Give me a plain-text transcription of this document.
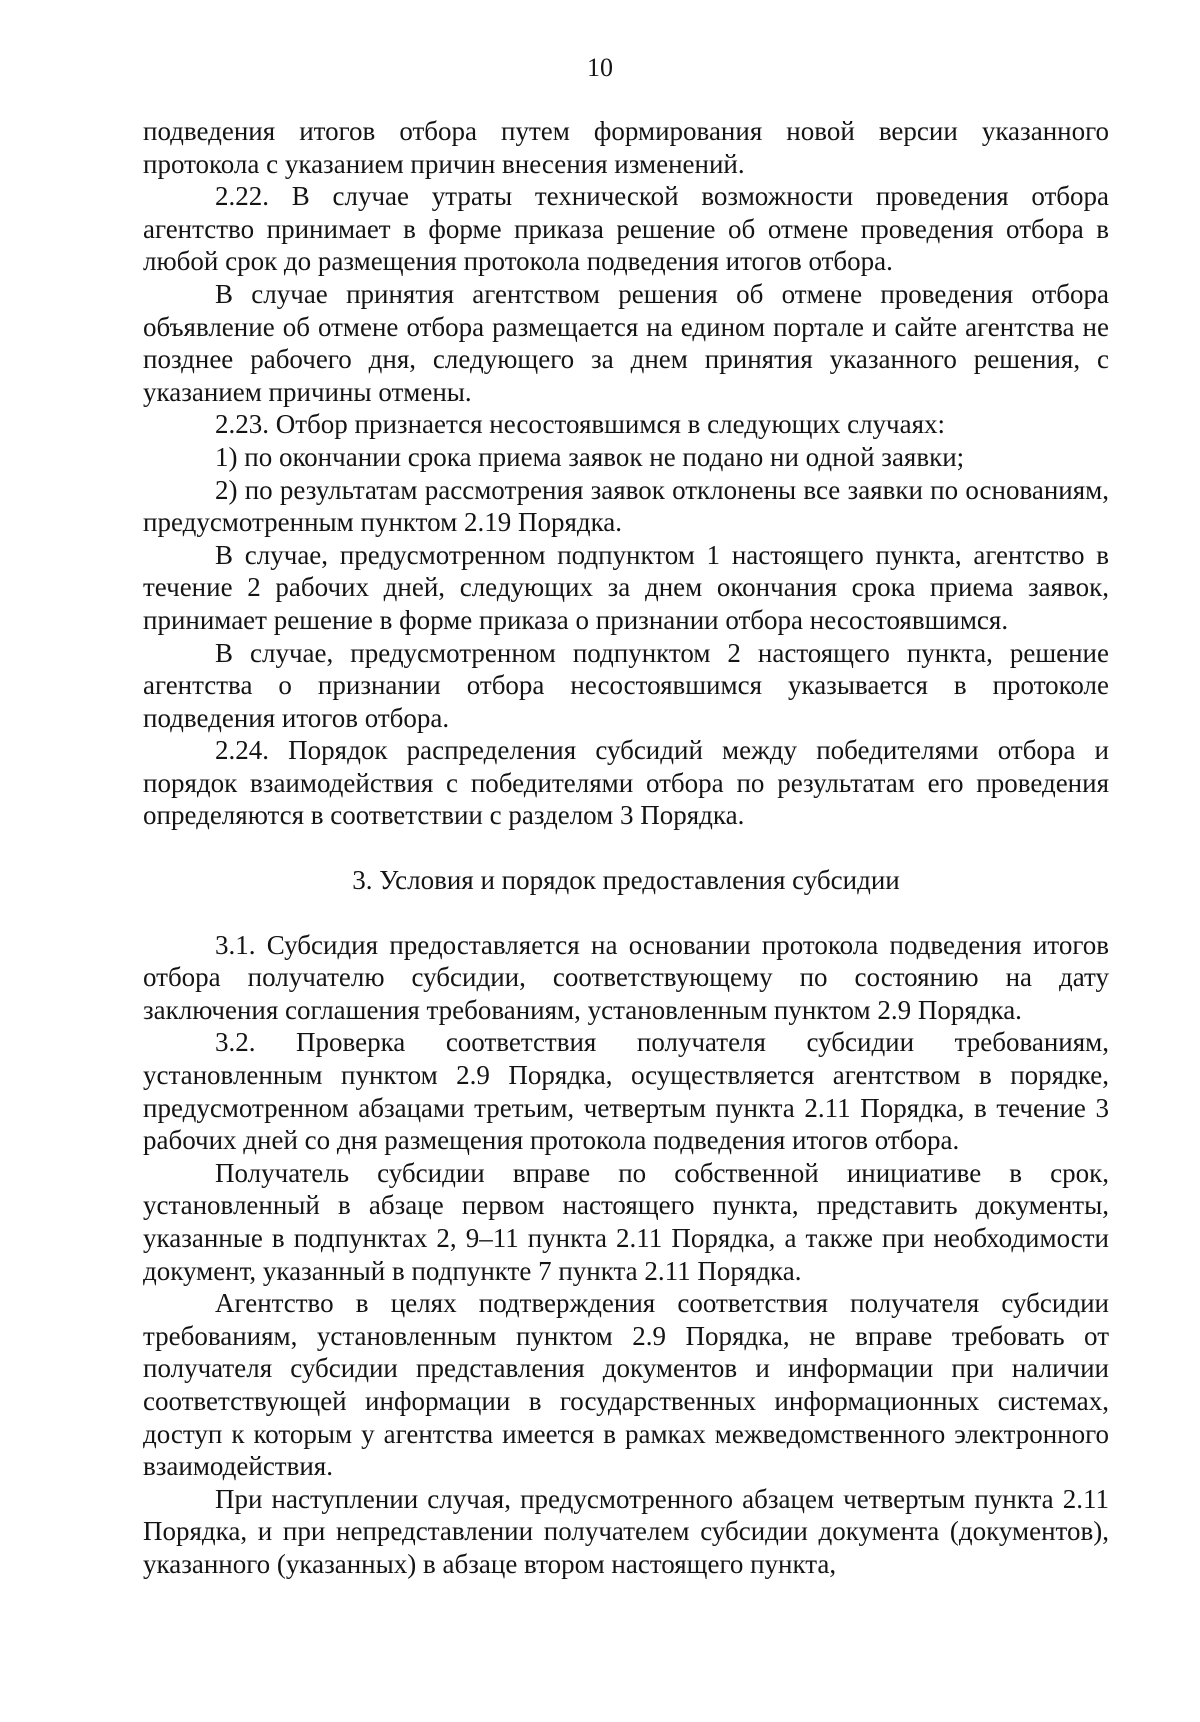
10

подведения итогов отбора путем формирования новой версии указанного протокола с указанием причин внесения изменений.

2.22. В случае утраты технической возможности проведения отбора агентство принимает в форме приказа решение об отмене проведения отбора в любой срок до размещения протокола подведения итогов отбора.

В случае принятия агентством решения об отмене проведения отбора объявление об отмене отбора размещается на едином портале и сайте агентства не позднее рабочего дня, следующего за днем принятия указанного решения, с указанием причины отмены.

2.23. Отбор признается несостоявшимся в следующих случаях:

1) по окончании срока приема заявок не подано ни одной заявки;

2) по результатам рассмотрения заявок отклонены все заявки по основаниям, предусмотренным пунктом 2.19 Порядка.

В случае, предусмотренном подпунктом 1 настоящего пункта, агентство в течение 2 рабочих дней, следующих за днем окончания срока приема заявок, принимает решение в форме приказа о признании отбора несостоявшимся.

В случае, предусмотренном подпунктом 2 настоящего пункта, решение агентства о признании отбора несостоявшимся указывается в протоколе подведения итогов отбора.

2.24. Порядок распределения субсидий между победителями отбора и порядок взаимодействия с победителями отбора по результатам его проведения определяются в соответствии с разделом 3 Порядка.

3. Условия и порядок предоставления субсидии

3.1. Субсидия предоставляется на основании протокола подведения итогов отбора получателю субсидии, соответствующему по состоянию на дату заключения соглашения требованиям, установленным пунктом 2.9 Порядка.

3.2. Проверка соответствия получателя субсидии требованиям, установленным пунктом 2.9 Порядка, осуществляется агентством в порядке, предусмотренном абзацами третьим, четвертым пункта 2.11 Порядка, в течение 3 рабочих дней со дня размещения протокола подведения итогов отбора.

Получатель субсидии вправе по собственной инициативе в срок, установленный в абзаце первом настоящего пункта, представить документы, указанные в подпунктах 2, 9–11 пункта 2.11 Порядка, а также при необходимости документ, указанный в подпункте 7 пункта 2.11 Порядка.

Агентство в целях подтверждения соответствия получателя субсидии требованиям, установленным пунктом 2.9 Порядка, не вправе требовать от получателя субсидии представления документов и информации при наличии соответствующей информации в государственных информационных системах, доступ к которым у агентства имеется в рамках межведомственного электронного взаимодействия.

При наступлении случая, предусмотренного абзацем четвертым пункта 2.11 Порядка, и при непредставлении получателем субсидии документа (документов), указанного (указанных) в абзаце втором настоящего пункта,
